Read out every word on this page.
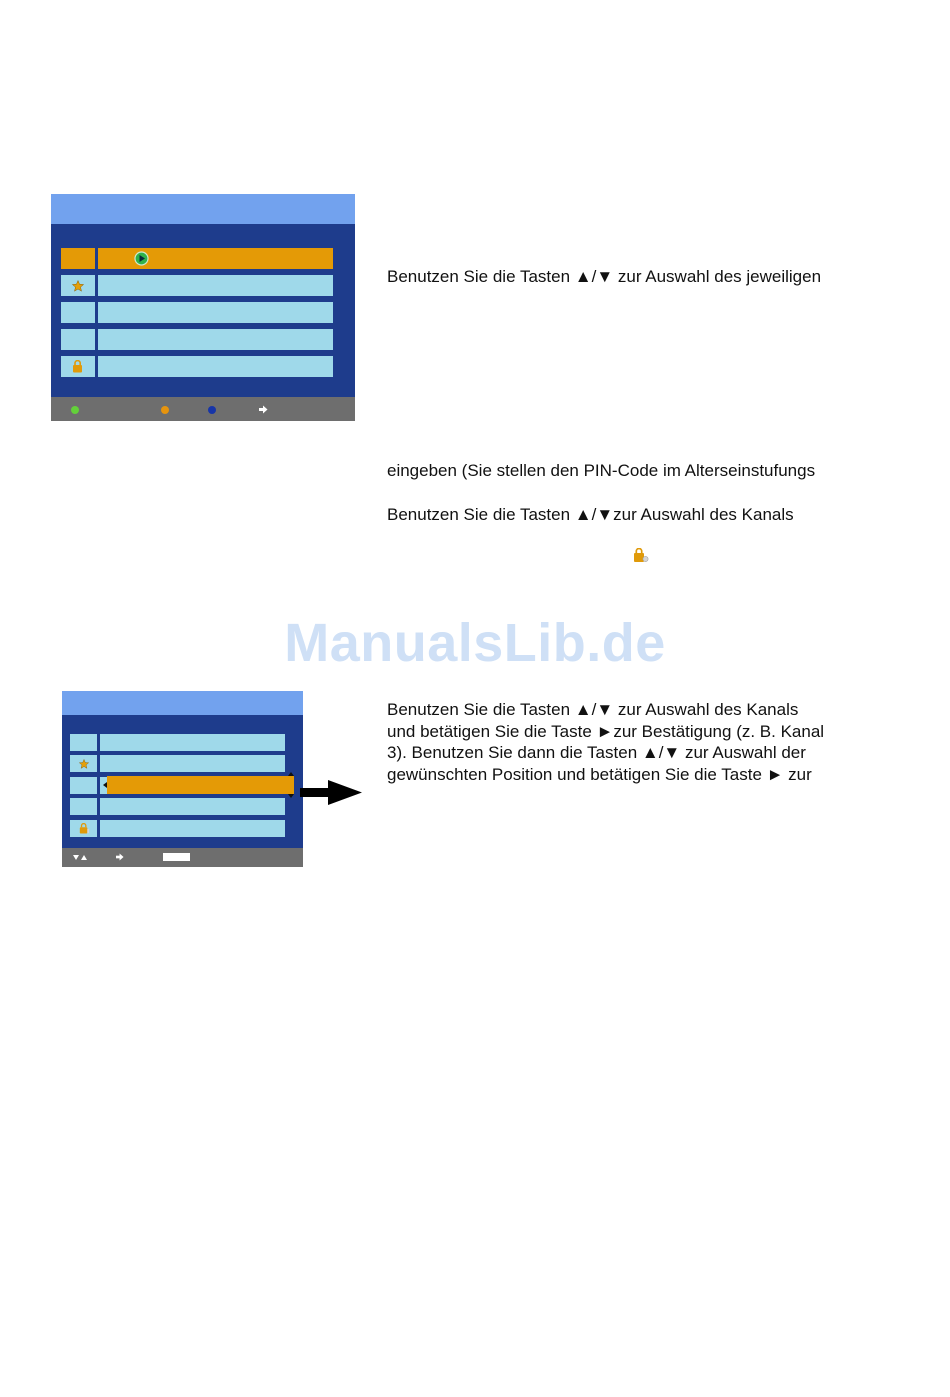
Benutzen Sie die Tasten ▲/▼ zur Auswahl des jeweiligen

eingeben (Sie stellen den PIN-Code im Alterseinstufungs

Benutzen Sie die Tasten ▲/▼zur Auswahl des Kanals

ManualsLib.de

Benutzen Sie die Tasten ▲/▼ zur Auswahl des Kanals
und betätigen Sie die Taste ►zur Bestätigung (z. B. Kanal
3). Benutzen Sie dann die Tasten ▲/▼ zur Auswahl der
gewünschten Position und betätigen Sie die Taste ► zur
